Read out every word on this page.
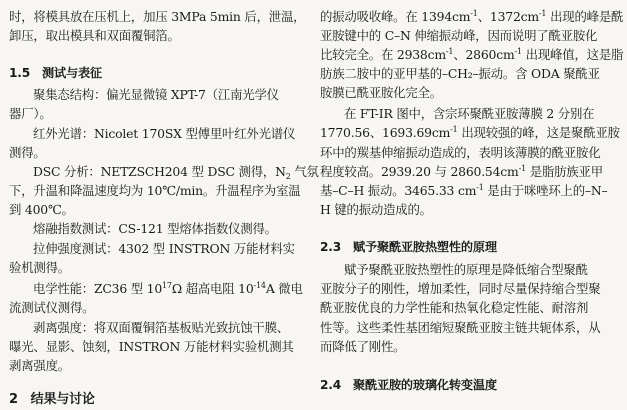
时，将模具放在压机上，加压 3MPa 5min 后，泄温，
卸压，取出模具和双面覆铜箔。
1.5　测试与表征
聚集态结构：偏光显微镜 XPT-7（江南光学仪
器厂）。
红外光谱：Nicolet 170SX 型傅里叶红外光谱仪
测得。
DSC 分析：NETZSCH204 型 DSC 测得，$N_2$ 气氛
下，升温和降温速度均为 10℃/min。升温程序为室温
到 400℃。
熔融指数测试：CS-121 型熔体指数仪测得。
拉伸强度测试：4302 型 INSTRON 万能材料实
验机测得。
电学性能：ZC36 型 $10^{17}\Omega$ 超高电阻 $10^{-14}A$ 微电
流测试仪测得。
剥离强度：将双面覆铜箔基板贴光致抗蚀干膜、
曝光、显影、蚀刻，INSTRON 万能材料实验机测其
剥离强度。
2　结果与讨论
的振动吸收峰。在 $1394cm^{-1}$、$1372cm^{-1}$ 出现的峰是酰
亚胺键中的 C–N 伸缩振动峰，因而说明了酰亚胺化
比较完全。在 $2938cm^{-1}$、$2860cm^{-1}$ 出现峰值，这是脂
肪族二胺中的亚甲基的–CH₂–振动。含 ODA 聚酰亚
胺膜已酰亚胺化完全。
在 FT-IR 图中，含宗环聚酰亚胺薄膜 2 分别在
1770.56、$1693.69cm^{-1}$ 出现较强的峰，这是聚酰亚胺
环中的羰基伸缩振动造成的，表明该薄膜的酰亚胺化
程度较高。2939.20 与 $2860.54cm^{-1}$ 是脂肪族亚甲
基–C–H 振动。3465.33 $cm^{-1}$ 是由于咪唑环上的–N–
H 键的振动造成的。
2.3　赋予聚酰亚胺热塑性的原理
赋予聚酰亚胺热塑性的原理是降低缩合型聚酰
亚胺分子的刚性，增加柔性，同时尽量保持缩合型聚
酰亚胺优良的力学性能和热氧化稳定性能、耐溶剂
性等。这些柔性基团缩短聚酰亚胺主链共轭体系，从
而降低了刚性。
2.4　聚酰亚胺的玻璃化转变温度
